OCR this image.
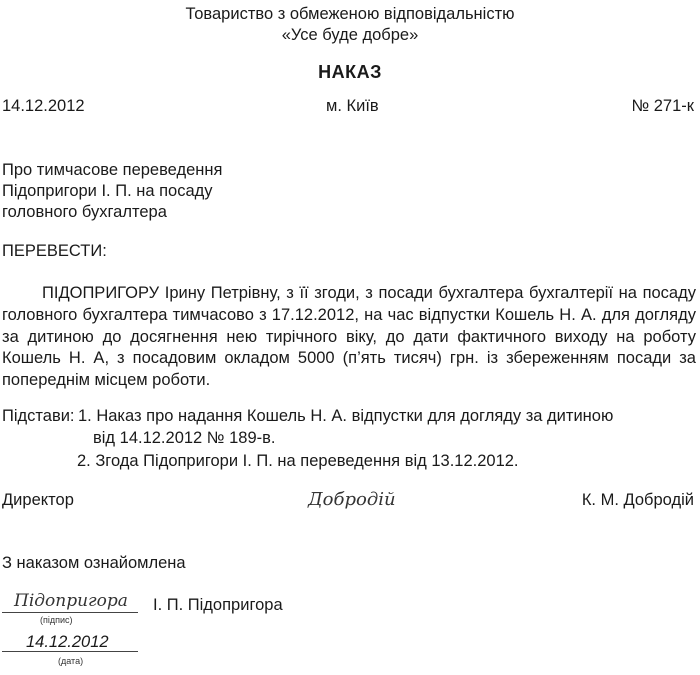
Товариство з обмеженою відповідальністю
«Усе буде добре»
НАКАЗ
14.12.2012	м. Київ	№ 271-к
Про тимчасове переведення
Підопригори І. П. на посаду
головного бухгалтера
ПЕРЕВЕСТИ:
ПІДОПРИГОРУ Ірину Петрівну, з її згоди, з посади бухгалтера бухгалтерії на посаду головного бухгалтера тимчасово з 17.12.2012, на час відпустки Кошель Н. А. для догляду за дитиною до досягнення нею тирічного віку, до дати фактичного виходу на роботу Кошель Н. А, з посадовим окладом 5000 (п’ять тисяч) грн. із збереженням посади за попереднім місцем роботи.
Підстави: 1. Наказ про надання Кошель Н. А. відпустки для догляду за дитиною
від 14.12.2012 № 189-в.
2. Згода Підопригори І. П. на переведення від 13.12.2012.
Директор	Добродій	К. М. Добродій
З наказом ознайомлена
Підопригора
(підпис)
І. П. Підопригора
14.12.2012
(дата)
